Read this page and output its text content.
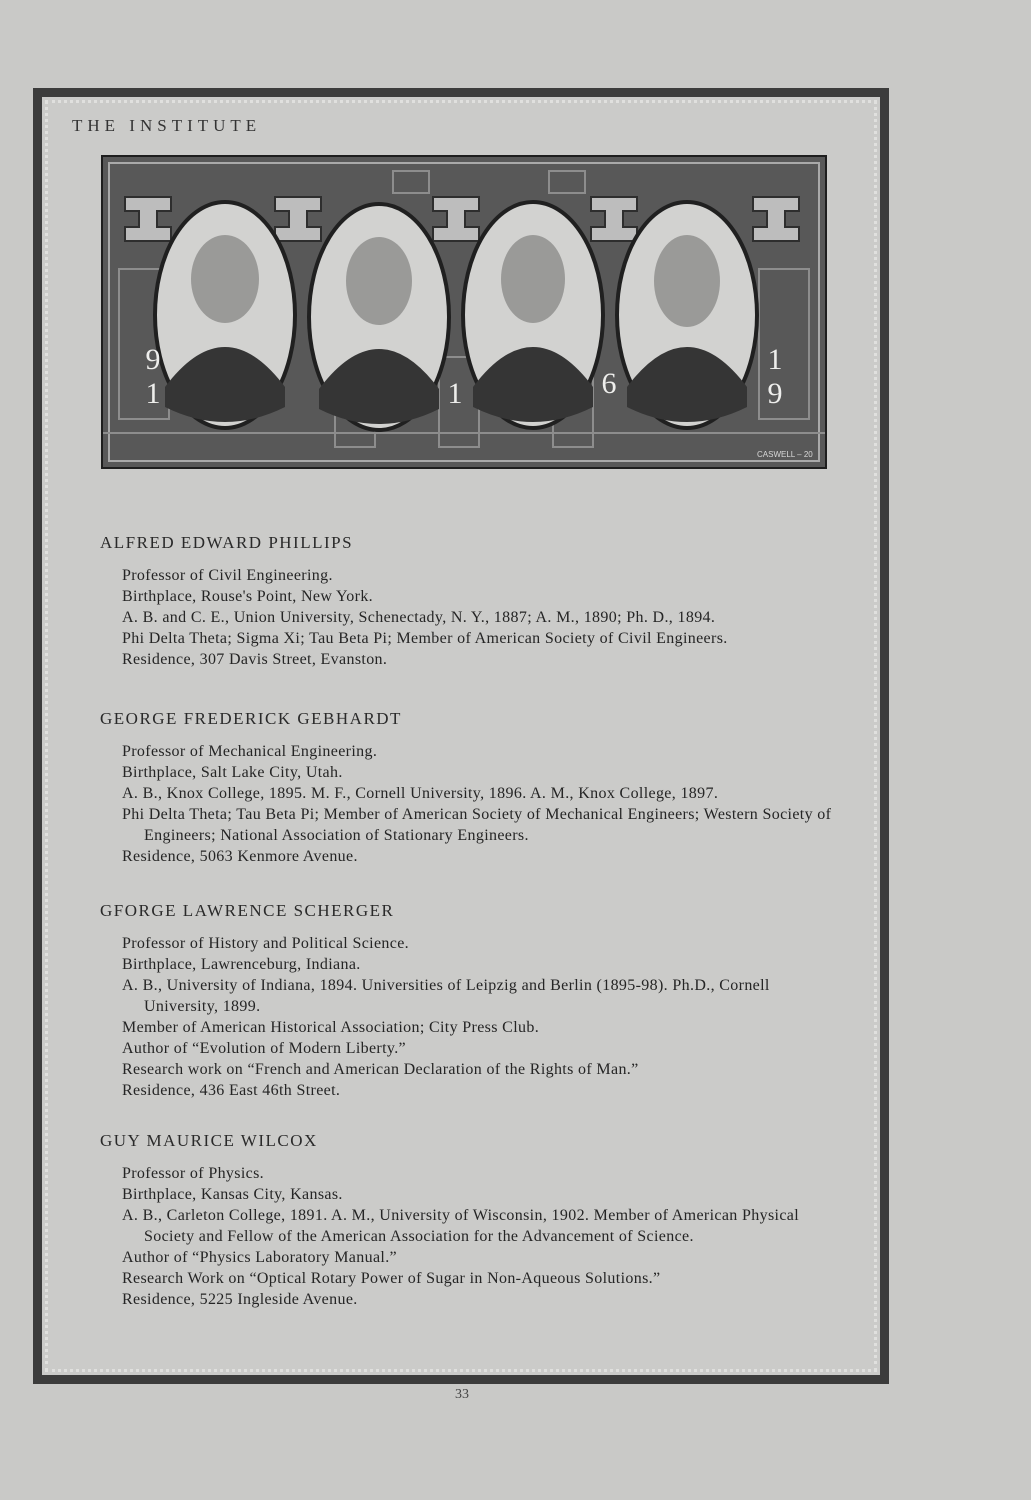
THE INSTITUTE
1
9
1	6
1
9
CASWELL – 20
ALFRED EDWARD PHILLIPS
Professor of Civil Engineering.
Birthplace, Rouse's Point, New York.
A. B. and C. E., Union University, Schenectady, N. Y., 1887; A. M., 1890; Ph. D., 1894.
Phi Delta Theta; Sigma Xi; Tau Beta Pi; Member of American Society of Civil Engineers.
Residence, 307 Davis Street, Evanston.
GEORGE FREDERICK GEBHARDT
Professor of Mechanical Engineering.
Birthplace, Salt Lake City, Utah.
A. B., Knox College, 1895. M. F., Cornell University, 1896. A. M., Knox College, 1897.
Phi Delta Theta; Tau Beta Pi; Member of American Society of Mechanical Engineers; Western Society of Engineers; National Association of Stationary Engineers.
Residence, 5063 Kenmore Avenue.
GFORGE LAWRENCE SCHERGER
Professor of History and Political Science.
Birthplace, Lawrenceburg, Indiana.
A. B., University of Indiana, 1894. Universities of Leipzig and Berlin (1895-98). Ph.D., Cornell University, 1899.
Member of American Historical Association; City Press Club.
Author of “Evolution of Modern Liberty.”
Research work on “French and American Declaration of the Rights of Man.”
Residence, 436 East 46th Street.
GUY MAURICE WILCOX
Professor of Physics.
Birthplace, Kansas City, Kansas.
A. B., Carleton College, 1891. A. M., University of Wisconsin, 1902. Member of American Physical Society and Fellow of the American Association for the Advancement of Science.
Author of “Physics Laboratory Manual.”
Research Work on “Optical Rotary Power of Sugar in Non-Aqueous Solutions.”
Residence, 5225 Ingleside Avenue.
33
